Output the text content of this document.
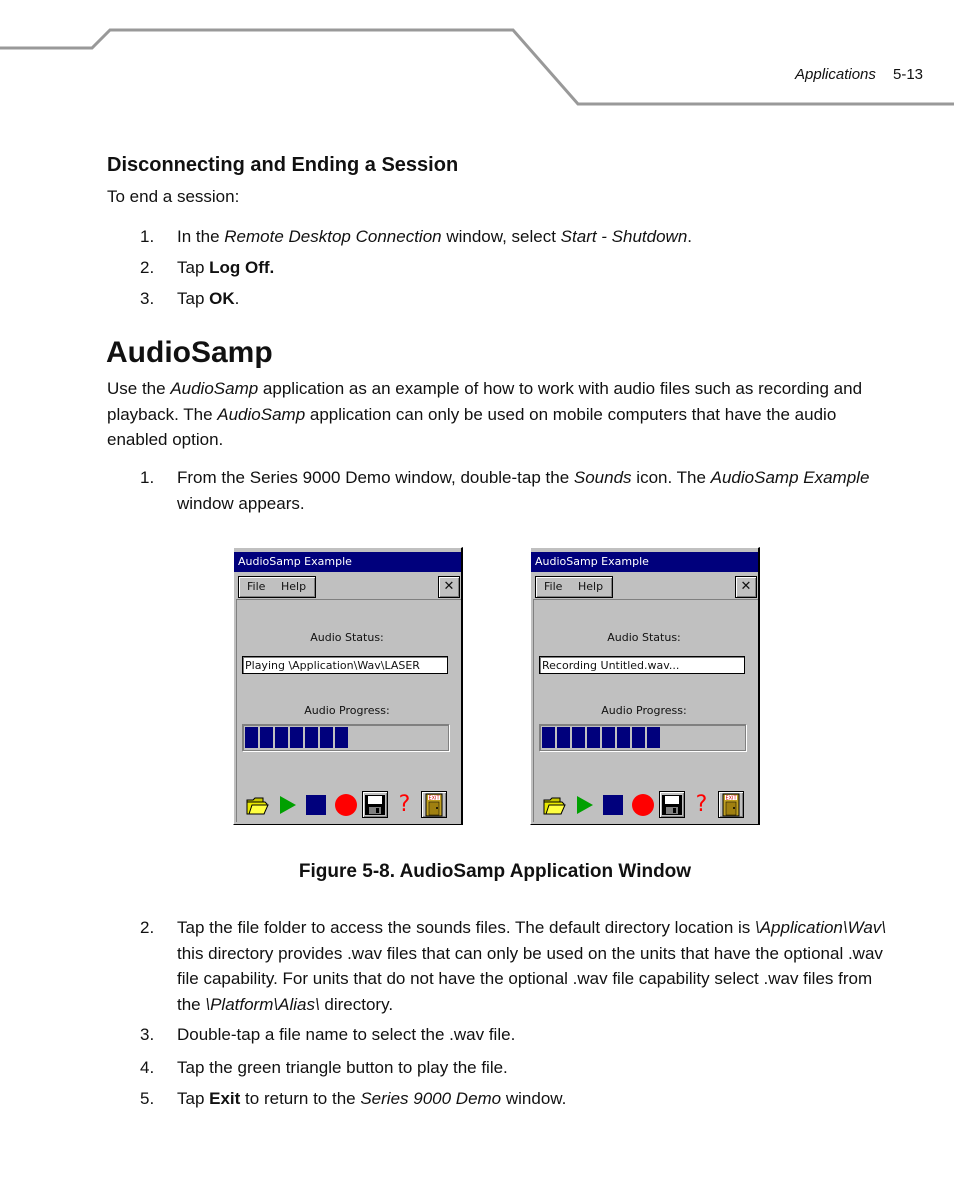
Applications 5-13
Disconnecting and Ending a Session

To end a session:

1. In the Remote Desktop Connection window, select Start - Shutdown.
2. Tap Log Off.
3. Tap OK.
AudioSamp

Use the AudioSamp application as an example of how to work with audio files such as recording and playback. The AudioSamp application can only be used on mobile computers that have the audio enabled option.

1. From the Series 9000 Demo window, double-tap the Sounds icon. The AudioSamp Example window appears.
AudioSamp Example
File Help	✕
Audio Status:
Playing \Application\Wav\LASER
Audio Progress:
?	EXIT
AudioSamp Example
File Help	✕
Audio Status:
Recording Untitled.wav...
Audio Progress:
?	EXIT
Figure 5-8. AudioSamp Application Window
2. Tap the file folder to access the sounds files. The default directory location is \Application\Wav\ this directory provides .wav files that can only be used on the units that have the optional .wav file capability. For units that do not have the optional .wav file capability select .wav files from the \Platform\Alias\ directory.
3. Double-tap a file name to select the .wav file.
4. Tap the green triangle button to play the file.
5. Tap Exit to return to the Series 9000 Demo window.
